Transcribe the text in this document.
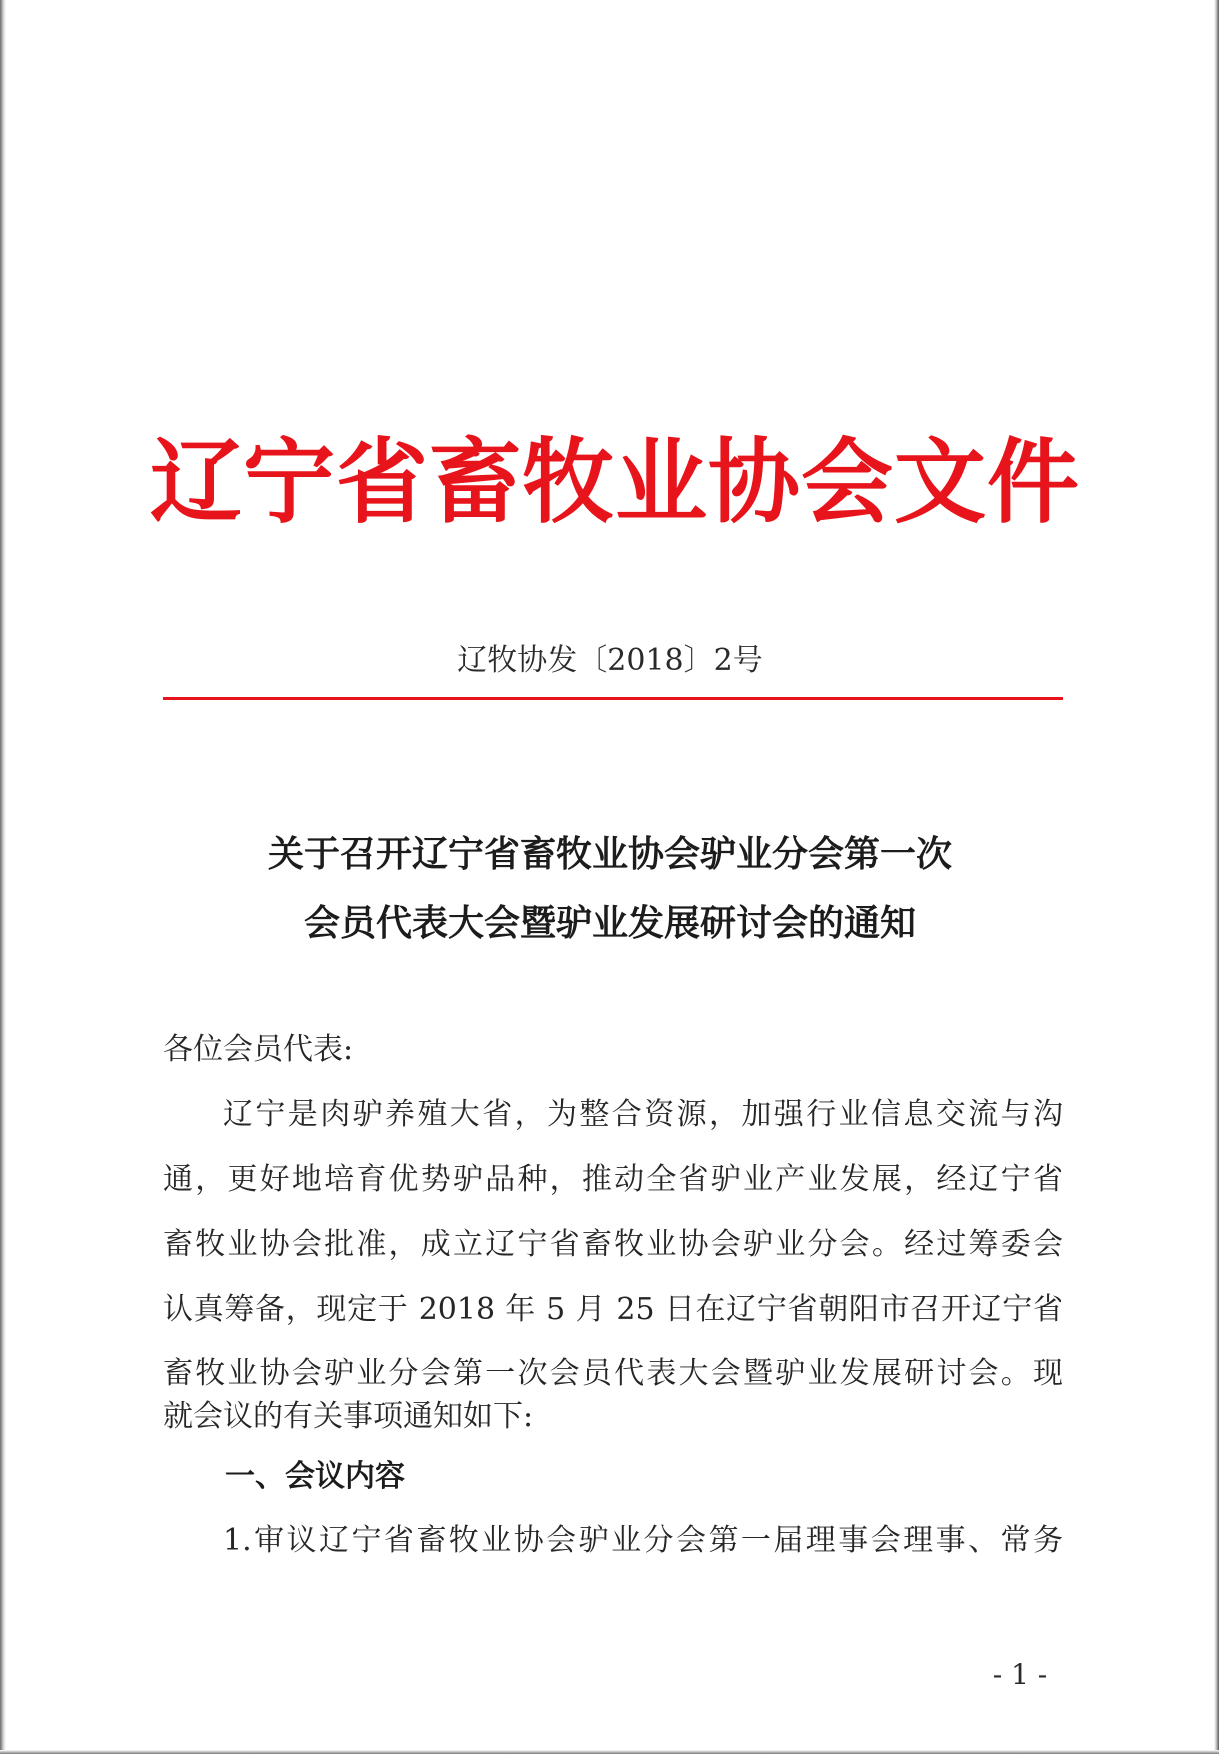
辽宁省畜牧业协会文件
辽牧协发〔2018〕2号
关于召开辽宁省畜牧业协会驴业分会第一次
会员代表大会暨驴业发展研讨会的通知
各位会员代表:
辽宁是肉驴养殖大省，为整合资源，加强行业信息交流与沟
通，更好地培育优势驴品种，推动全省驴业产业发展，经辽宁省
畜牧业协会批准，成立辽宁省畜牧业协会驴业分会。经过筹委会
认真筹备，现定于 2018 年 5 月 25 日在辽宁省朝阳市召开辽宁省
畜牧业协会驴业分会第一次会员代表大会暨驴业发展研讨会。现
就会议的有关事项通知如下:
一、会议内容
1.审议辽宁省畜牧业协会驴业分会第一届理事会理事、常务
- 1 -
